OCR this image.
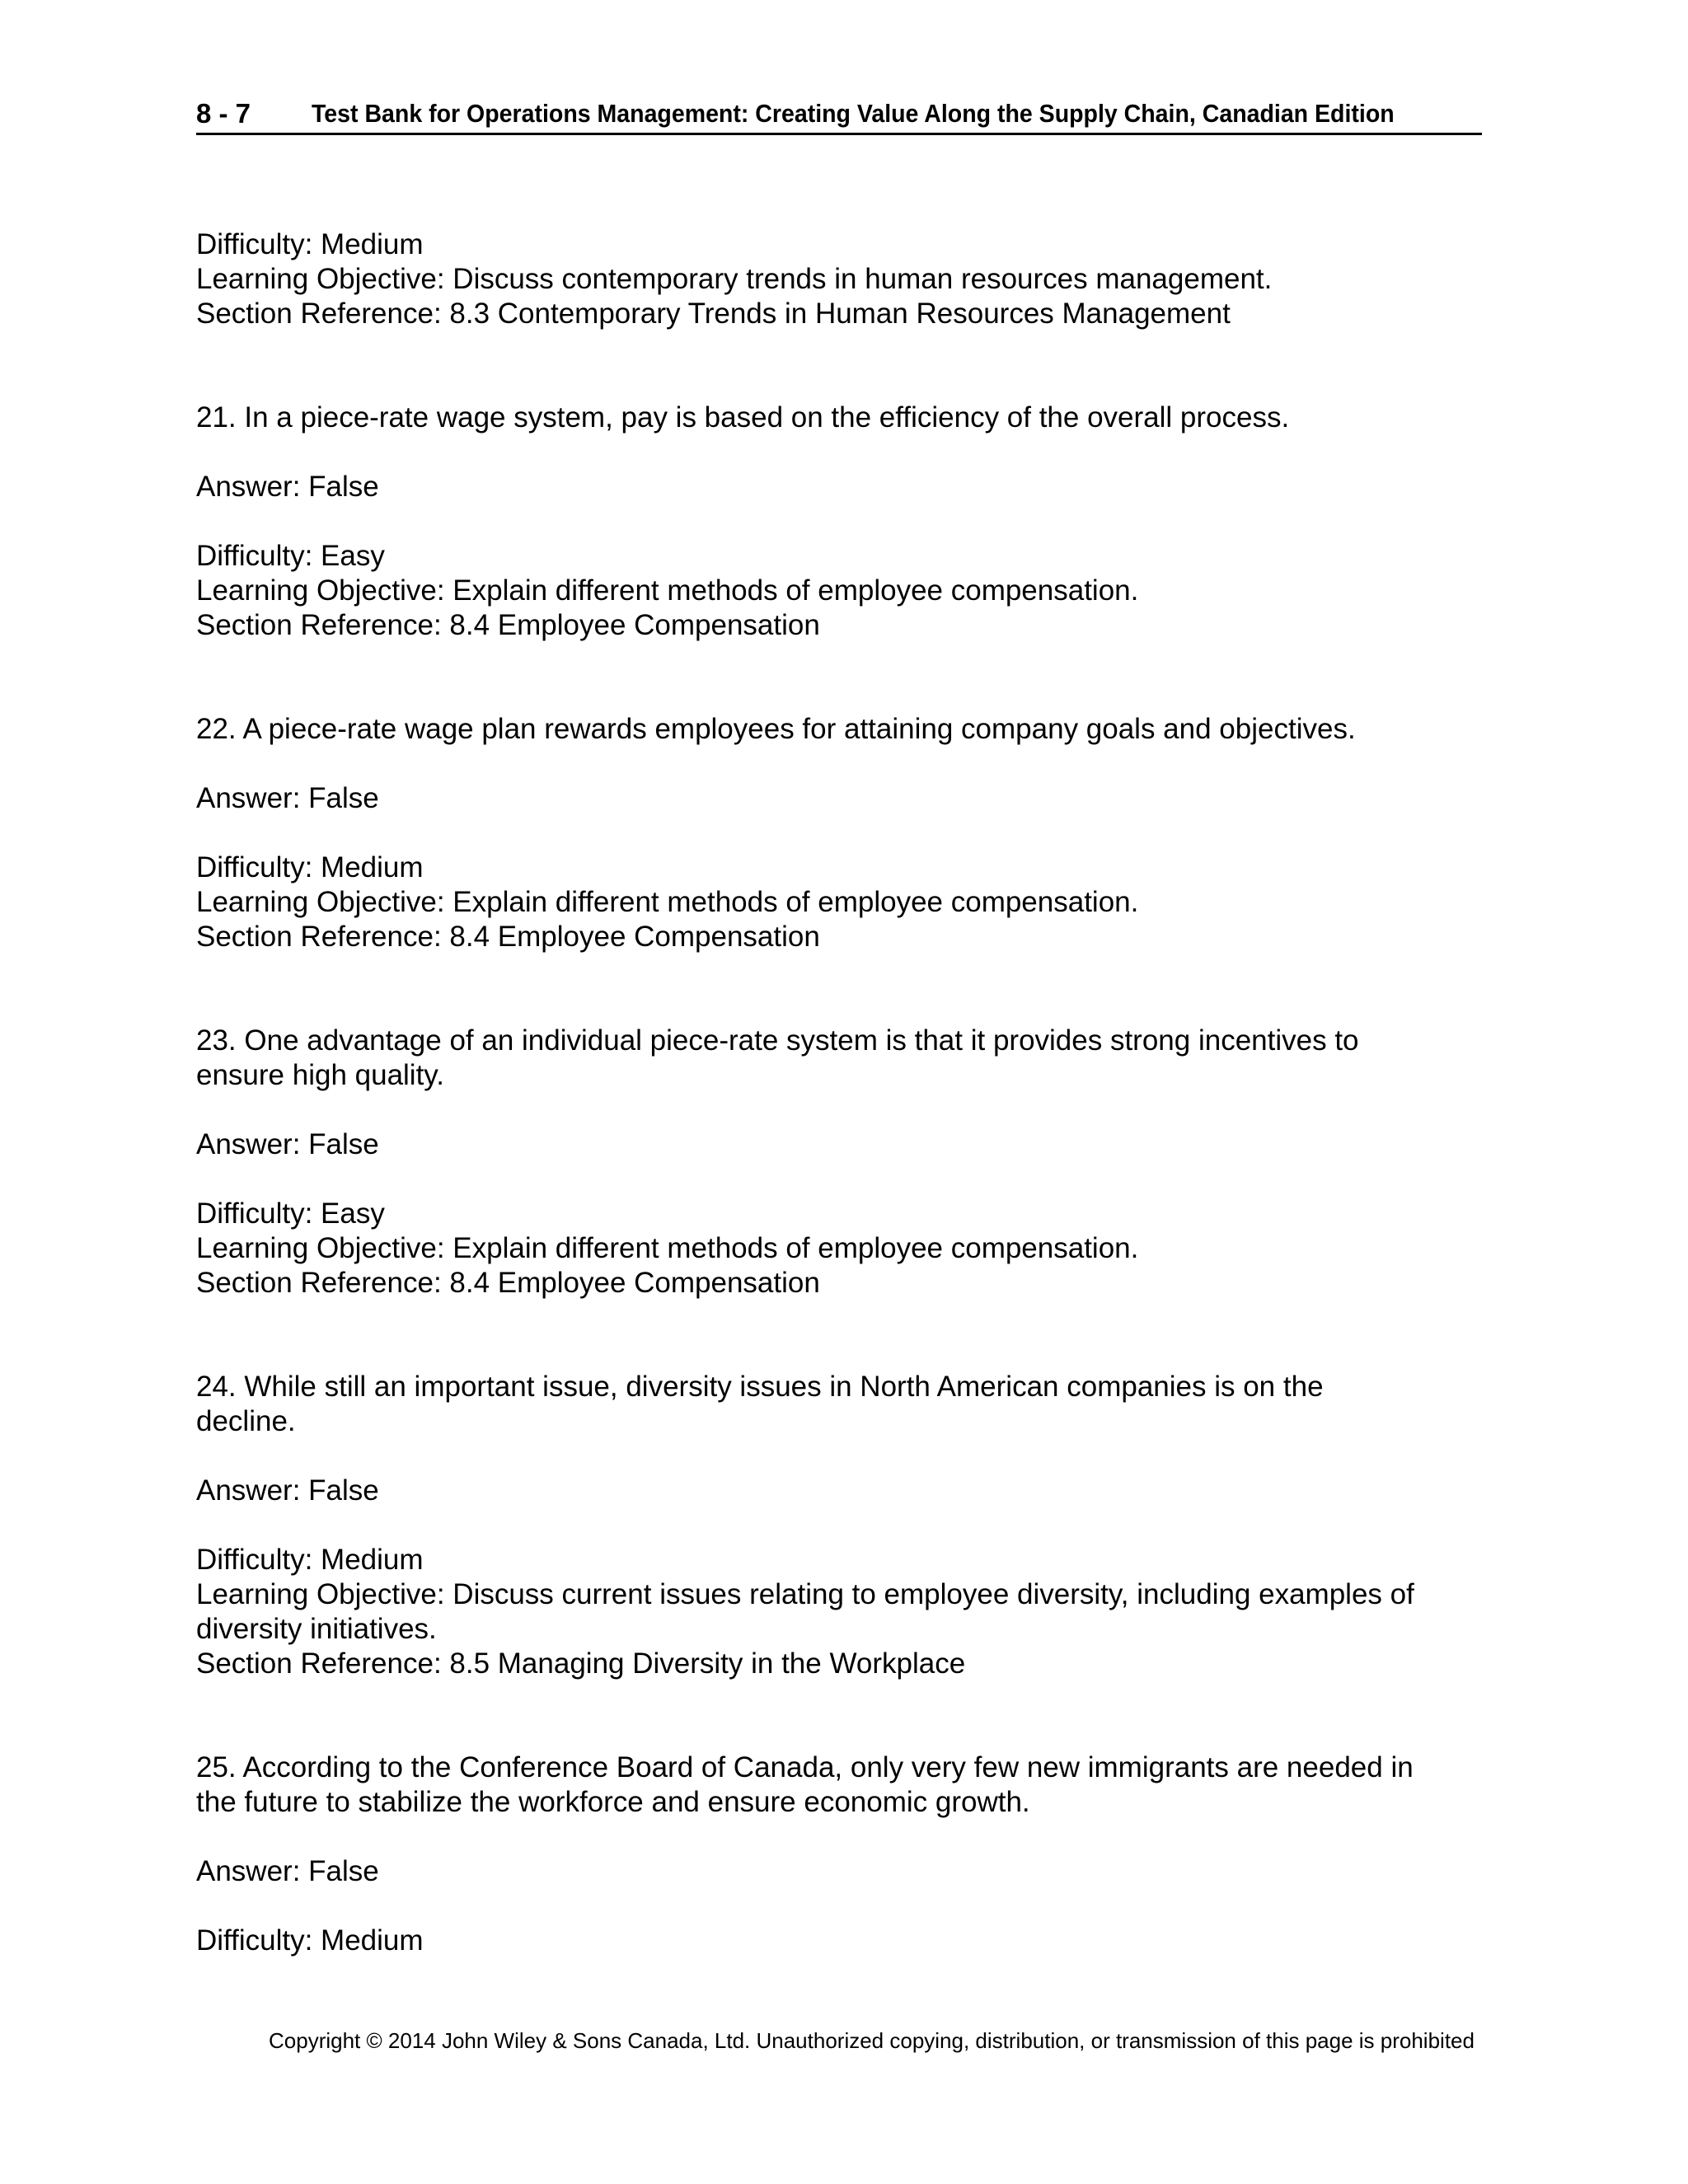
8 - 7 Test Bank for Operations Management: Creating Value Along the Supply Chain, Canadian Edition
Difficulty: Medium
Learning Objective: Discuss contemporary trends in human resources management.
Section Reference: 8.3 Contemporary Trends in Human Resources Management
21. In a piece-rate wage system, pay is based on the efficiency of the overall process.
Answer: False
Difficulty: Easy
Learning Objective: Explain different methods of employee compensation.
Section Reference: 8.4 Employee Compensation
22. A piece-rate wage plan rewards employees for attaining company goals and objectives.
Answer: False
Difficulty: Medium
Learning Objective: Explain different methods of employee compensation.
Section Reference: 8.4 Employee Compensation
23. One advantage of an individual piece-rate system is that it provides strong incentives to
ensure high quality.
Answer: False
Difficulty: Easy
Learning Objective: Explain different methods of employee compensation.
Section Reference: 8.4 Employee Compensation
24. While still an important issue, diversity issues in North American companies is on the
decline.
Answer: False
Difficulty: Medium
Learning Objective: Discuss current issues relating to employee diversity, including examples of
diversity initiatives.
Section Reference: 8.5 Managing Diversity in the Workplace
25. According to the Conference Board of Canada, only very few new immigrants are needed in
the future to stabilize the workforce and ensure economic growth.
Answer: False
Difficulty: Medium
Copyright © 2014 John Wiley & Sons Canada, Ltd. Unauthorized copying, distribution, or transmission of this page is prohibited
